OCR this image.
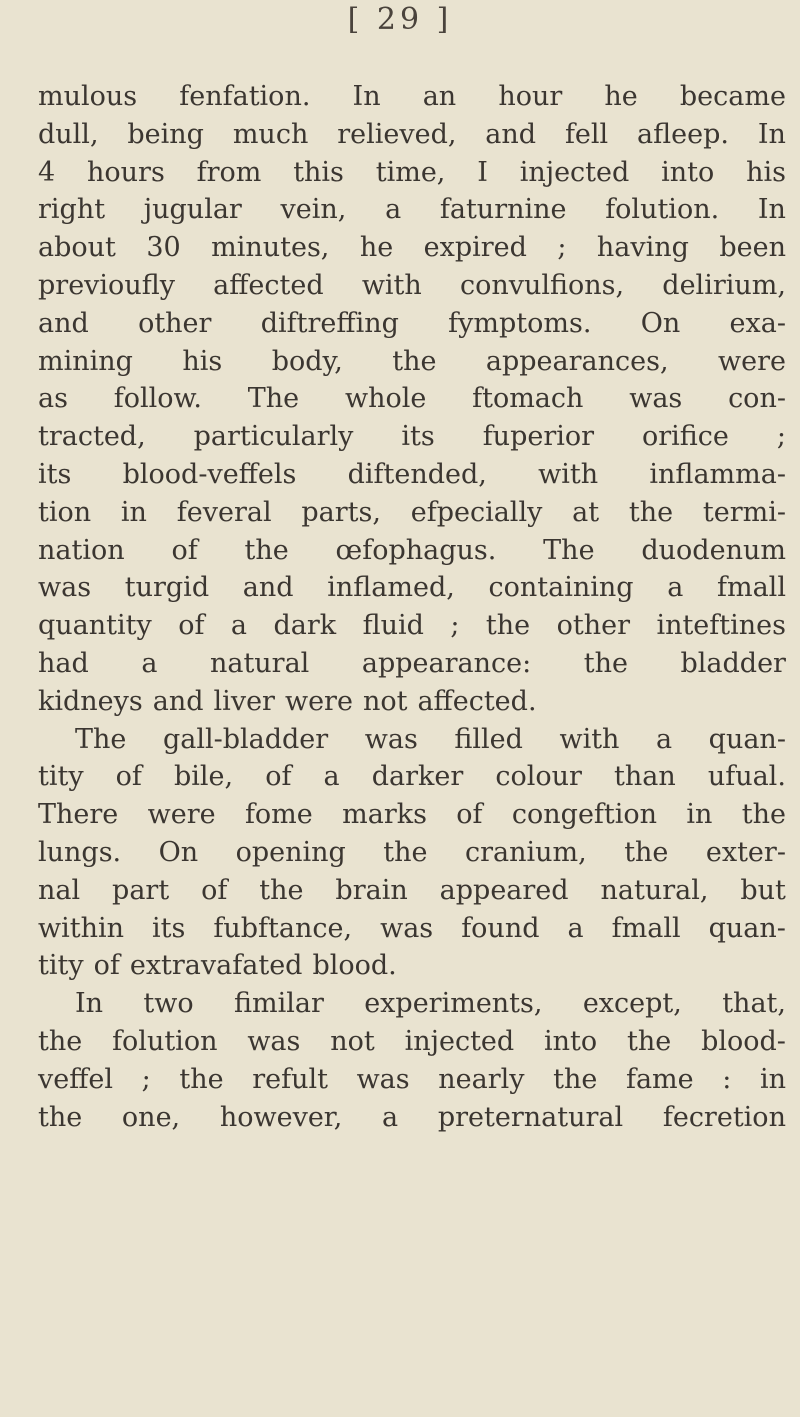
[ 29 ]
mulous fenfation. In an hour he became
dull, being much relieved, and fell afleep. In
4 hours from this time, I injected into his
right jugular vein, a faturnine folution. In
about 30 minutes, he expired ; having been
previoufly affected with convulfions, delirium,
and other diftreffing fymptoms. On exa-
mining his body, the appearances, were
as follow. The whole ftomach was con-
tracted, particularly its fuperior orifice ;
its blood-veffels diftended, with inflamma-
tion in feveral parts, efpecially at the termi-
nation of the œfophagus. The duodenum
was turgid and inflamed, containing a fmall
quantity of a dark fluid ; the other inteftines
had a natural appearance: the bladder
kidneys and liver were not affected.
The gall-bladder was filled with a quan-
tity of bile, of a darker colour than ufual.
There were fome marks of congeftion in the
lungs. On opening the cranium, the exter-
nal part of the brain appeared natural, but
within its fubftance, was found a fmall quan-
tity of extravafated blood.
In two fimilar experiments, except, that,
the folution was not injected into the blood-
veffel ; the refult was nearly the fame : in
the one, however, a preternatural fecretion
